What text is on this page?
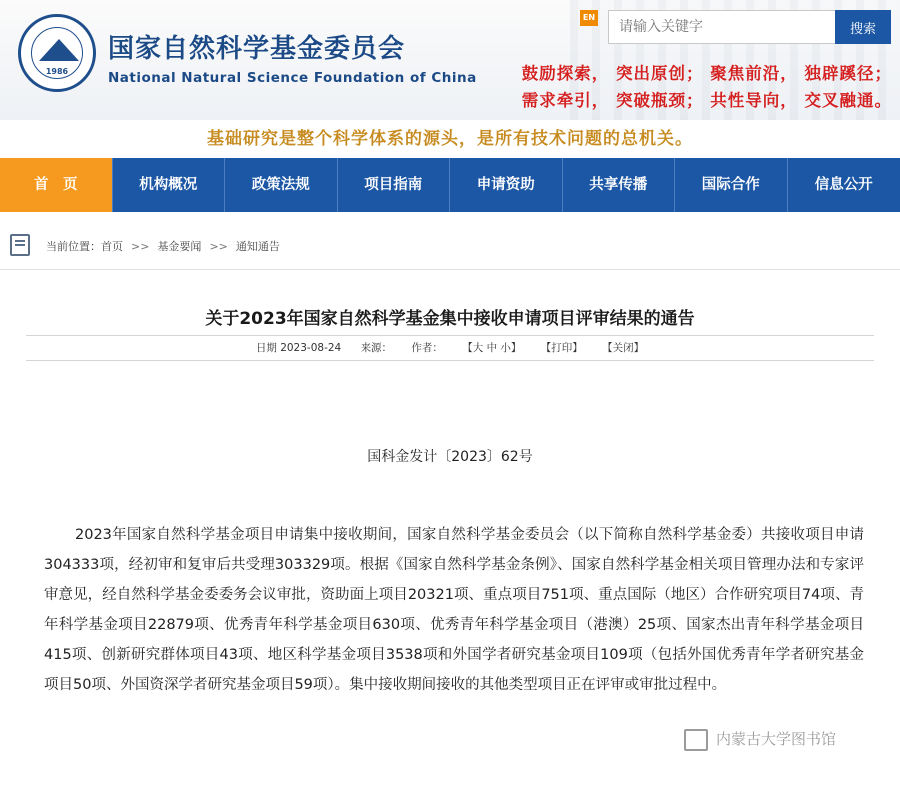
1986
国家自然科学基金委员会
National Natural Science Foundation of China
EN
请输入关键字
搜索
鼓励探索， 突出原创； 聚焦前沿， 独辟蹊径；
需求牵引， 突破瓶颈； 共性导向， 交叉融通。
基础研究是整个科学体系的源头，是所有技术问题的总机关。
首　页	机构概况	政策法规	项目指南	申请资助	共享传播	国际合作	信息公开
当前位置：首页 >> 基金要闻 >> 通知通告
关于2023年国家自然科学基金集中接收申请项目评审结果的通告
日期 2023-08-24 来源： 作者： 【大 中 小】 【打印】 【关闭】
国科金发计〔2023〕62号

2023年国家自然科学基金项目申请集中接收期间，国家自然科学基金委员会（以下简称自然科学基金委）共接收项目申请304333项，经初审和复审后共受理303329项。根据《国家自然科学基金条例》、国家自然科学基金相关项目管理办法和专家评审意见，经自然科学基金委委务会议审批，资助面上项目20321项、重点项目751项、重点国际（地区）合作研究项目74项、青年科学基金项目22879项、优秀青年科学基金项目630项、优秀青年科学基金项目（港澳）25项、国家杰出青年科学基金项目415项、创新研究群体项目43项、地区科学基金项目3538项和外国学者研究基金项目109项（包括外国优秀青年学者研究基金项目50项、外国资深学者研究基金项目59项）。集中接收期间接收的其他类型项目正在评审或审批过程中。

内蒙古大学图书馆
